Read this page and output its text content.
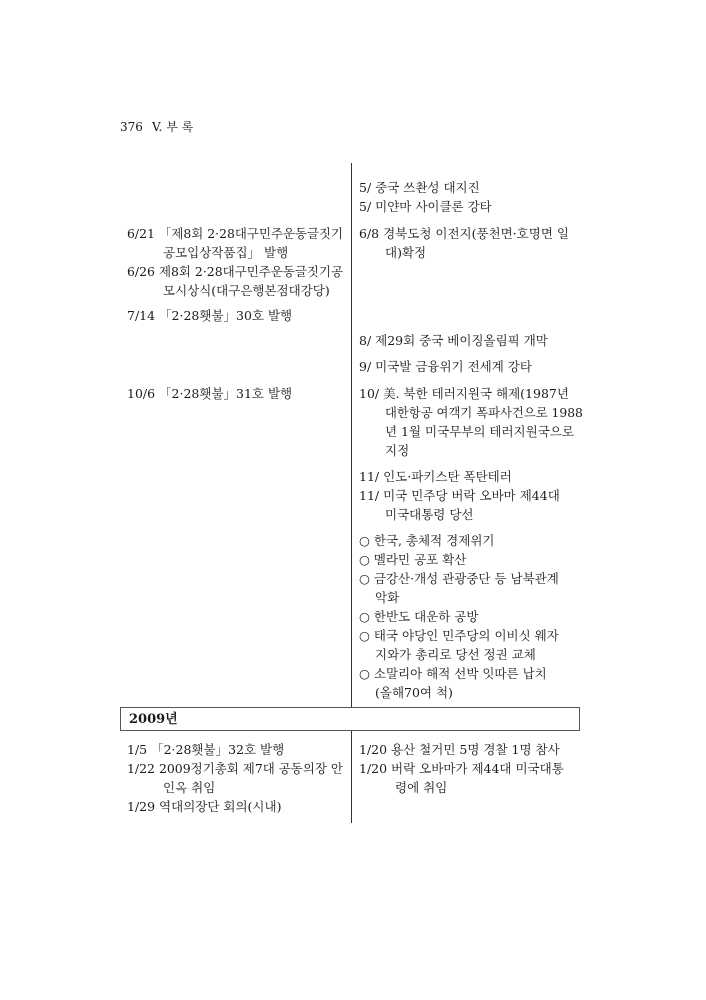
376 V. 부 록
2009년
6/21 「제8회 2·28대구민주운동글짓기
공모입상작품집」 발행
6/26 제8회 2·28대구민주운동글짓기공
모시상식(대구은행본점대강당)
7/14 「2·28횃불」30호 발행
10/6 「2·28횃불」31호 발행
5/ 중국 쓰촨성 대지진
5/ 미얀마 사이클론 강타
6/8 경북도청 이전지(풍천면·호명면 일
대)확정
8/ 제29회 중국 베이징올림픽 개막
9/ 미국발 금융위기 전세계 강타
10/ 美. 북한 테러지원국 해제(1987년
대한항공 여객기 폭파사건으로 1988
년 1월 미국무부의 테러지원국으로
지정
11/ 인도·파키스탄 폭탄테러
11/ 미국 민주당 버락 오바마 제44대
미국대통령 당선
○ 한국, 총체적 경제위기
○ 멜라민 공포 확산
○ 금강산·개성 관광중단 등 남북관계
악화
○ 한반도 대운하 공방
○ 태국 야당인 민주당의 이비싯 웨자
지와가 총리로 당선 정권 교체
○ 소말리아 해적 선박 잇따른 납치
(올해70여 척)
1/5 「2·28횃불」32호 발행
1/22 2009정기총회 제7대 공동의장 안
인옥 취임
1/29 역대의장단 회의(시내)
1/20 용산 철거민 5명 경찰 1명 참사
1/20 버락 오바마가 제44대 미국대통
령에 취임
